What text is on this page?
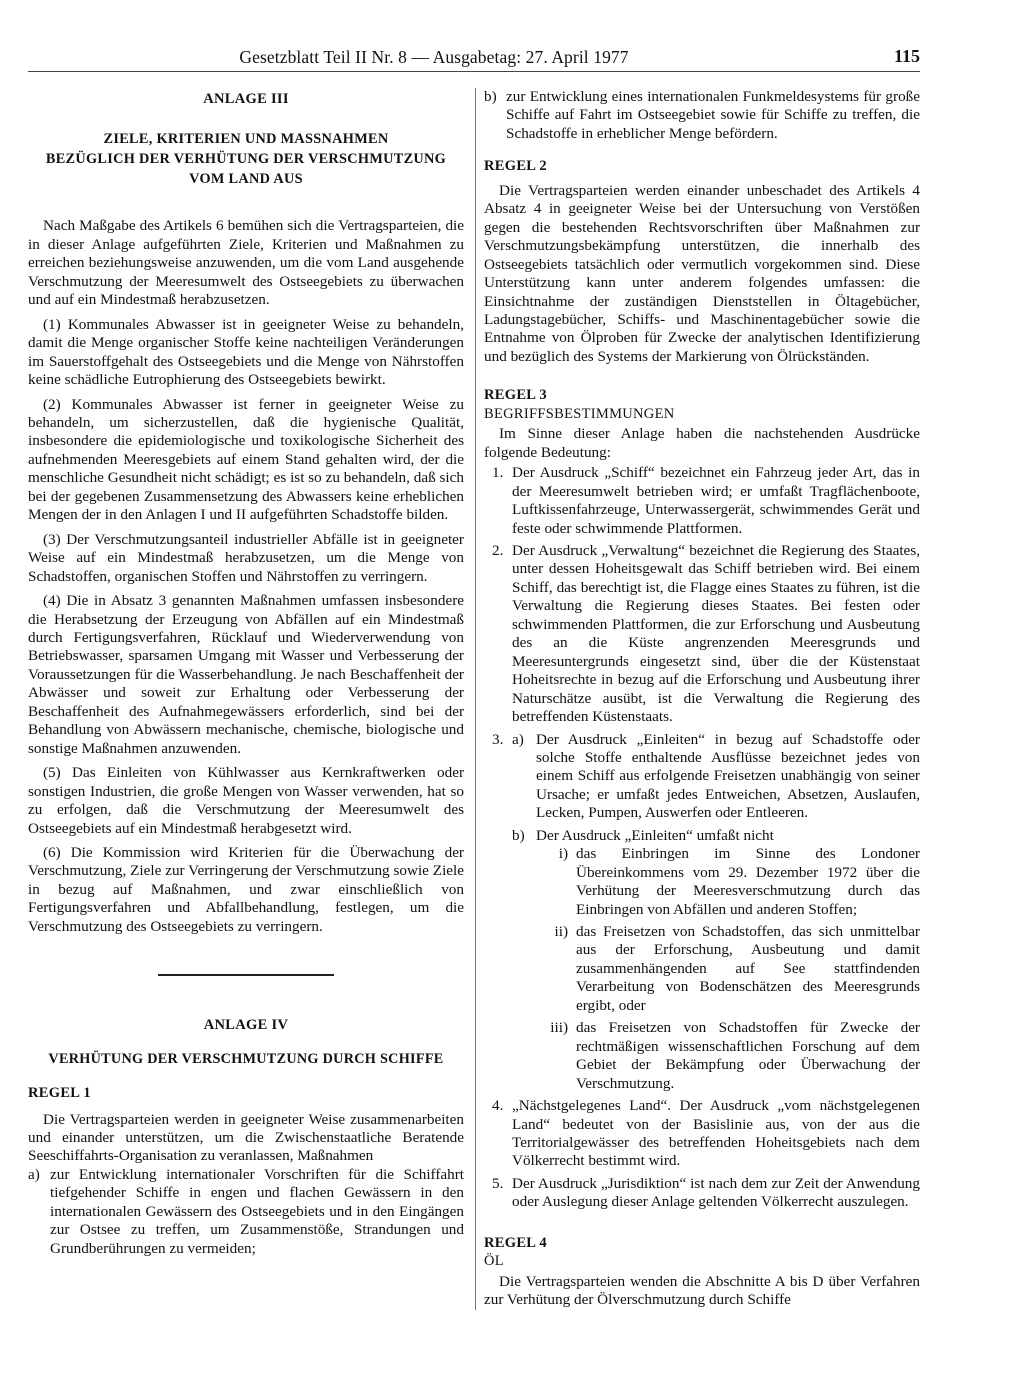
Gesetzblatt Teil II Nr. 8 — Ausgabetag: 27. April 1977	115

ANLAGE III

ZIELE, KRITERIEN UND MASSNAHMEN

BEZÜGLICH DER VERHÜTUNG DER VERSCHMUTZUNG

VOM LAND AUS

Nach Maßgabe des Artikels 6 bemühen sich die Vertragsparteien, die in dieser Anlage aufgeführten Ziele, Kriterien und Maßnahmen zu erreichen beziehungsweise anzuwenden, um die vom Land ausgehende Verschmutzung der Meeresumwelt des Ostseegebiets zu überwachen und auf ein Mindestmaß herabzusetzen.

(1) Kommunales Abwasser ist in geeigneter Weise zu behandeln, damit die Menge organischer Stoffe keine nachteiligen Veränderungen im Sauerstoffgehalt des Ostseegebiets und die Menge von Nährstoffen keine schädliche Eutrophierung des Ostseegebiets bewirkt.

(2) Kommunales Abwasser ist ferner in geeigneter Weise zu behandeln, um sicherzustellen, daß die hygienische Qualität, insbesondere die epidemiologische und toxikologische Sicherheit des aufnehmenden Meeresgebiets auf einem Stand gehalten wird, der die menschliche Gesundheit nicht schädigt; es ist so zu behandeln, daß sich bei der gegebenen Zusammensetzung des Abwassers keine erheblichen Mengen der in den Anlagen I und II aufgeführten Schadstoffe bilden.

(3) Der Verschmutzungsanteil industrieller Abfälle ist in geeigneter Weise auf ein Mindestmaß herabzusetzen, um die Menge von Schadstoffen, organischen Stoffen und Nährstoffen zu verringern.

(4) Die in Absatz 3 genannten Maßnahmen umfassen insbesondere die Herabsetzung der Erzeugung von Abfällen auf ein Mindestmaß durch Fertigungsverfahren, Rücklauf und Wiederverwendung von Betriebswasser, sparsamen Umgang mit Wasser und Verbesserung der Voraussetzungen für die Wasserbehandlung. Je nach Beschaffenheit der Abwässer und soweit zur Erhaltung oder Verbesserung der Beschaffenheit des Aufnahmegewässers erforderlich, sind bei der Behandlung von Abwässern mechanische, chemische, biologische und sonstige Maßnahmen anzuwenden.

(5) Das Einleiten von Kühlwasser aus Kernkraftwerken oder sonstigen Industrien, die große Mengen von Wasser verwenden, hat so zu erfolgen, daß die Verschmutzung der Meeresumwelt des Ostseegebiets auf ein Mindestmaß herabgesetzt wird.

(6) Die Kommission wird Kriterien für die Überwachung der Verschmutzung, Ziele zur Verringerung der Verschmutzung sowie Ziele in bezug auf Maßnahmen, und zwar einschließlich von Fertigungsverfahren und Abfallbehandlung, festlegen, um die Verschmutzung des Ostseegebiets zu verringern.

ANLAGE IV

VERHÜTUNG DER VERSCHMUTZUNG DURCH SCHIFFE

REGEL 1

Die Vertragsparteien werden in geeigneter Weise zusammenarbeiten und einander unterstützen, um die Zwischenstaatliche Beratende Seeschiffahrts-Organisation zu veranlassen, Maßnahmen

a) zur Entwicklung internationaler Vorschriften für die Schiffahrt tiefgehender Schiffe in engen und flachen Gewässern in den internationalen Gewässern des Ostseegebiets und in den Eingängen zur Ostsee zu treffen, um Zusammenstöße, Strandungen und Grundberührungen zu vermeiden;
b) zur Entwicklung eines internationalen Funkmeldesystems für große Schiffe auf Fahrt im Ostseegebiet sowie für Schiffe zu treffen, die Schadstoffe in erheblicher Menge befördern.

REGEL 2

Die Vertragsparteien werden einander unbeschadet des Artikels 4 Absatz 4 in geeigneter Weise bei der Untersuchung von Verstößen gegen die bestehenden Rechtsvorschriften über Maßnahmen zur Verschmutzungsbekämpfung unterstützen, die innerhalb des Ostseegebiets tatsächlich oder vermutlich vorgekommen sind. Diese Unterstützung kann unter anderem folgendes umfassen: die Einsichtnahme der zuständigen Dienststellen in Öltagebücher, Ladungstagebücher, Schiffs- und Maschinentagebücher sowie die Entnahme von Ölproben für Zwecke der analytischen Identifizierung und bezüglich des Systems der Markierung von Ölrückständen.

REGEL 3

BEGRIFFSBESTIMMUNGEN

Im Sinne dieser Anlage haben die nachstehenden Ausdrücke folgende Bedeutung:

1. Der Ausdruck „Schiff“ bezeichnet ein Fahrzeug jeder Art, das in der Meeresumwelt betrieben wird; er umfaßt Tragflächenboote, Luftkissenfahrzeuge, Unterwassergerät, schwimmendes Gerät und feste oder schwimmende Plattformen.
2. Der Ausdruck „Verwaltung“ bezeichnet die Regierung des Staates, unter dessen Hoheitsgewalt das Schiff betrieben wird. Bei einem Schiff, das berechtigt ist, die Flagge eines Staates zu führen, ist die Verwaltung die Regierung dieses Staates. Bei festen oder schwimmenden Plattformen, die zur Erforschung und Ausbeutung des an die Küste angrenzenden Meeresgrunds und Meeresuntergrunds eingesetzt sind, über die der Küstenstaat Hoheitsrechte in bezug auf die Erforschung und Ausbeutung ihrer Naturschätze ausübt, ist die Verwaltung die Regierung des betreffenden Küstenstaats.
3. a) Der Ausdruck „Einleiten“ in bezug auf Schadstoffe oder solche Stoffe enthaltende Ausflüsse bezeichnet jedes von einem Schiff aus erfolgende Freisetzen unabhängig von seiner Ursache; er umfaßt jedes Entweichen, Absetzen, Auslaufen, Lecken, Pumpen, Auswerfen oder Entleeren.
b) Der Ausdruck „Einleiten“ umfaßt nicht
i) das Einbringen im Sinne des Londoner Übereinkommens vom 29. Dezember 1972 über die Verhütung der Meeresverschmutzung durch das Einbringen von Abfällen und anderen Stoffen;
ii) das Freisetzen von Schadstoffen, das sich unmittelbar aus der Erforschung, Ausbeutung und damit zusammenhängenden auf See stattfindenden Verarbeitung von Bodenschätzen des Meeresgrunds ergibt, oder
iii) das Freisetzen von Schadstoffen für Zwecke der rechtmäßigen wissenschaftlichen Forschung auf dem Gebiet der Bekämpfung oder Überwachung der Verschmutzung.
4. „Nächstgelegenes Land“. Der Ausdruck „vom nächstgelegenen Land“ bedeutet von der Basislinie aus, von der aus die Territorialgewässer des betreffenden Hoheitsgebiets nach dem Völkerrecht bestimmt wird.
5. Der Ausdruck „Jurisdiktion“ ist nach dem zur Zeit der Anwendung oder Auslegung dieser Anlage geltenden Völkerrecht auszulegen.

REGEL 4

ÖL

Die Vertragsparteien wenden die Abschnitte A bis D über Verfahren zur Verhütung der Ölverschmutzung durch Schiffe
